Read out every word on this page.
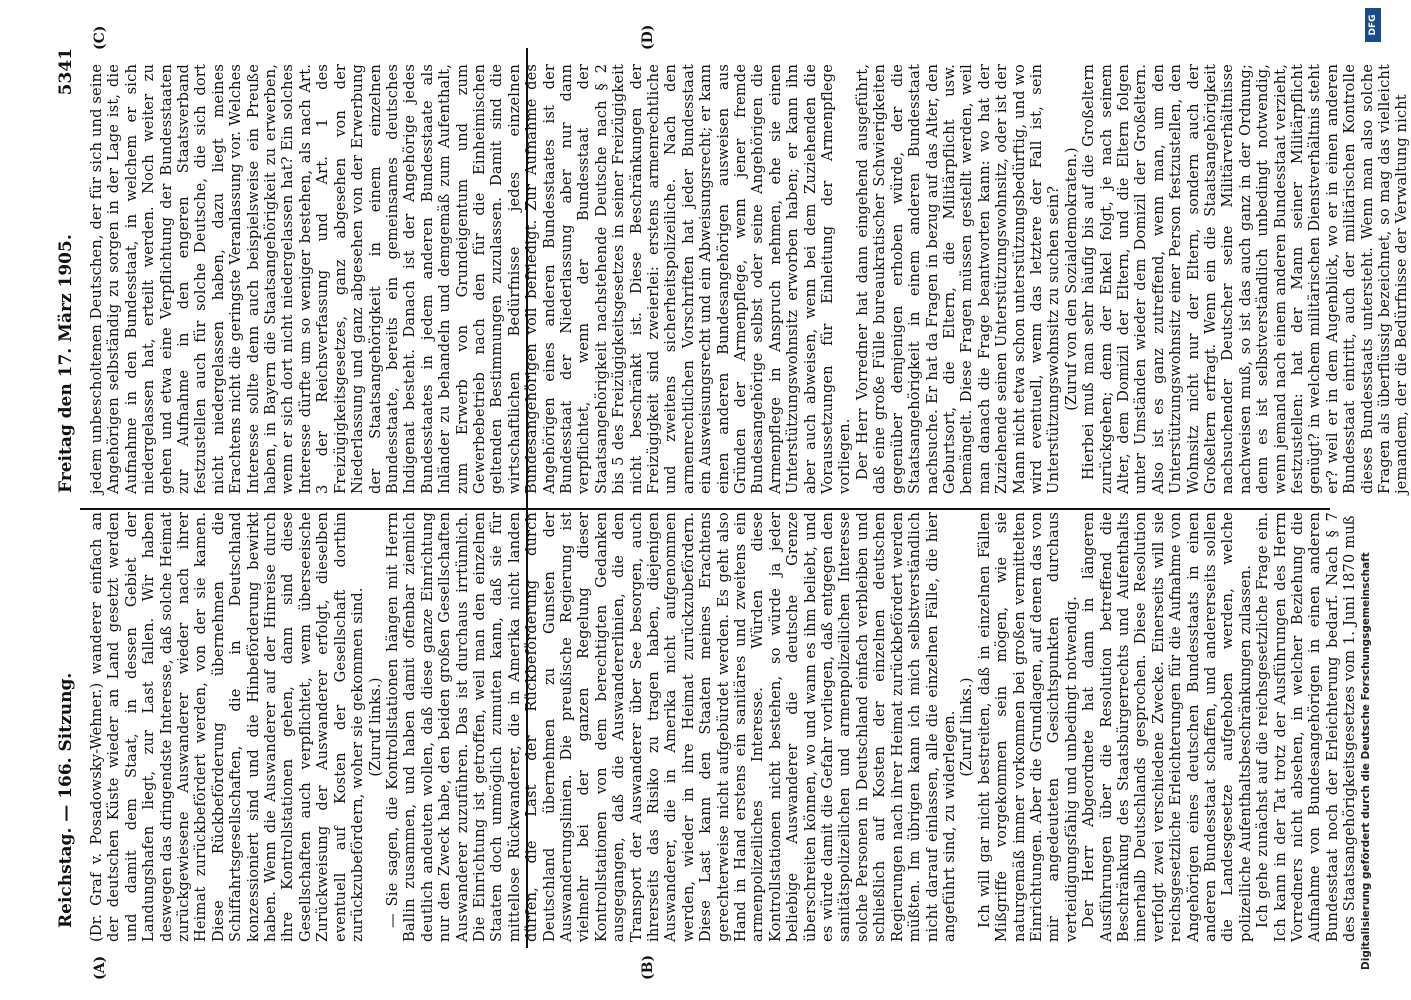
Reichstag. — 166. Sitzung.
Freitag den 17. März 1905.
5341
(A)	(B)
(C)	(D)

(Dr. Graf v. Posadowsky-Wehner.) wanderer einfach an der deutschen Küste wieder an Land gesetzt werden und damit dem Staat, in dessen Gebiet der Landungshafen liegt, zur Last fallen. Wir haben deswegen das dringendste Interesse, daß solche Heimat zurückgewiesene Auswanderer wieder nach ihrer Heimat zurückbefördert werden, von der sie kamen. Diese Rückbeförderung übernehmen die Schiffahrtsgesellschaften, die in Deutschland konzessioniert sind und die Hinbeförderung bewirkt haben. Wenn die Auswanderer auf der Hinreise durch ihre Kontrollstationen gehen, dann sind diese Gesellschaften auch verpflichtet, wenn überseeische Zurückweisung der Auswanderer erfolgt, dieselben eventuell auf Kosten der Gesellschaft dorthin zurückzubefördern, woher sie gekommen sind. (Zuruf links.) — Sie sagen, die Kontrollstationen hängen mit Herrn Ballin zusammen, und haben damit offenbar ziemlich deutlich andeuten wollen, daß diese ganze Einrichtung nur den Zweck habe, den beiden großen Gesellschaften Auswanderer zuzuführen. Das ist durchaus irrtümlich. Die Einrichtung ist getroffen, weil man den einzelnen Staaten doch unmöglich zumuten kann, daß sie für mittellose Rückwanderer, die in Amerika nicht landen dürfen, die Last der Rückbeförderung durch Deutschland übernehmen zu Gunsten der Auswanderungslinien. Die preußische Regierung ist vielmehr bei der ganzen Regelung dieser Kontrollstationen von dem berechtigten Gedanken ausgegangen, daß die Auswandererlinien, die den Transport der Auswanderer über See besorgen, auch ihrerseits das Risiko zu tragen haben, diejenigen Auswanderer, die in Amerika nicht aufgenommen werden, wieder in ihre Heimat zurückzubefördern. Diese Last kann den Staaten meines Erachtens gerechterweise nicht aufgebürdet werden. Es geht also Hand in Hand erstens ein sanitäres und zweitens ein armenpolizeiliches Interesse. Würden diese Kontrollstationen nicht bestehen, so würde ja jeder beliebige Auswanderer die deutsche Grenze überschreiten können, wo und wann es ihm beliebt, und es würde damit die Gefahr vorliegen, daß entgegen den sanitätspolizeilichen und armenpolizeilichen Interesse solche Personen in Deutschland einfach verbleiben und schließlich auf Kosten der einzelnen deutschen Regierungen nach ihrer Heimat zurückbefördert werden müßten. Im übrigen kann ich mich selbstverständlich nicht darauf einlassen, alle die einzelnen Fälle, die hier angeführt sind, zu widerlegen. (Zuruf links.) Ich will gar nicht bestreiten, daß in einzelnen Fällen Mißgriffe vorgekommen sein mögen, wie sie naturgemäß immer vorkommen bei großen vermittelten Einrichtungen. Aber die Grundlagen, auf denen das von mir angedeuteten Gesichtspunkten durchaus verteidigungsfähig und unbedingt notwendig. Der Herr Abgeordnete hat dann in längeren Ausführungen über die Resolution betreffend die Beschränkung des Staatsbürgerrechts und Aufenthalts innerhalb Deutschlands gesprochen. Diese Resolution verfolgt zwei verschiedene Zwecke. Einerseits will sie reichsgesetzliche Erleichterungen für die Aufnahme von Angehörigen eines deutschen Bundesstaats in einen anderen Bundesstaat schaffen, und andererseits sollen die Landesgesetze aufgehoben werden, welche polizeiliche Aufenthaltsbeschränkungen zulassen. Ich gehe zunächst auf die reichsgesetzliche Frage ein. Ich kann in der Tat trotz der Ausführungen des Herrn Vorredners nicht absehen, in welcher Beziehung die Aufnahme von Bundesangehörigen in einen anderen Bundesstaat noch der Erleichterung bedarf. Nach § 7 des Staatsangehörigkeitsgesetzes vom 1. Juni 1870 muß

jedem unbescholtenen Deutschen, der für sich und seine Angehörigen selbständig zu sorgen in der Lage ist, die Aufnahme in den Bundesstaat, in welchem er sich niedergelassen hat, erteilt werden. Noch weiter zu gehen und etwa eine Verpflichtung der Bundesstaaten zur Aufnahme in den engeren Staatsverband festzustellen auch für solche Deutsche, die sich dort nicht niedergelassen haben, dazu liegt meines Erachtens nicht die geringste Veranlassung vor. Welches Interesse sollte denn auch beispielsweise ein Preuße haben, in Bayern die Staatsangehörigkeit zu erwerben, wenn er sich dort nicht niedergelassen hat? Ein solches Interesse dürfte um so weniger bestehen, als nach Art. 3 der Reichsverfassung und Art. 1 des Freizügigkeitsgesetzes, ganz abgesehen von der Niederlassung und ganz abgesehen von der Erwerbung der Staatsangehörigkeit in einem einzelnen Bundesstaate, bereits ein gemeinsames deutsches Indigenat besteht. Danach ist der Angehörige jedes Bundesstaates in jedem anderen Bundesstaate als Inländer zu behandeln und demgemäß zum Aufenthalt, zum Erwerb von Grundeigentum und zum Gewerbebetrieb nach den für die Einheimischen geltenden Bestimmungen zuzulassen. Damit sind die wirtschaftlichen Bedürfnisse jedes einzelnen Bundesangehörigen voll befriedigt. Zur Aufnahme des Angehörigen eines anderen Bundesstaates ist der Bundesstaat der Niederlassung aber nur dann verpflichtet, wenn der Bundesstaat der Staatsangehörigkeit nachstehende Deutsche nach § 2 bis 5 des Freizügigkeitsgesetzes in seiner Freizügigkeit nicht beschränkt ist. Diese Beschränkungen der Freizügigkeit sind zweierlei: erstens armenrechtliche und zweitens sicherheitspolizeiliche. Nach den armenrechtlichen Vorschriften hat jeder Bundesstaat ein Ausweisungsrecht und ein Abweisungsrecht; er kann einen anderen Bundesangehörigen ausweisen aus Gründen der Armenpflege, wenn jener fremde Bundesangehörige selbst oder seine Angehörigen die Armenpflege in Anspruch nehmen, ehe sie einen Unterstützungswohnsitz erworben haben; er kann ihn aber auch abweisen, wenn bei dem Zuziehenden die Voraussetzungen für Einleitung der Armenpflege vorliegen. Der Herr Vorredner hat dann eingehend ausgeführt, daß eine große Fülle bureaukratischer Schwierigkeiten gegenüber demjenigen erhoben würde, der die Staatsangehörigkeit in einem anderen Bundesstaat nachsuche. Er hat da Fragen in bezug auf das Alter, den Geburtsort, die Eltern, die Militärpflicht usw. bemängelt. Diese Fragen müssen gestellt werden, weil man danach die Frage beantworten kann: wo hat der Zuziehende seinen Unterstützungswohnsitz, oder ist der Mann nicht etwa schon unterstützungsbedürftig, und wo wird eventuell, wenn das letztere der Fall ist, sein Unterstützungswohnsitz zu suchen sein? (Zuruf von den Sozialdemokraten.) Hierbei muß man sehr häufig bis auf die Großeltern zurückgehen; denn der Enkel folgt, je nach seinem Alter, dem Domizil der Eltern, und die Eltern folgen unter Umständen wieder dem Domizil der Großeltern. Also ist es ganz zutreffend, wenn man, um den Unterstützungswohnsitz einer Person festzustellen, den Wohnsitz nicht nur der Eltern, sondern auch der Großeltern erfragt. Wenn ein die Staatsangehörigkeit nachsuchender Deutscher seine Militärverhältnisse nachweisen muß, so ist das auch ganz in der Ordnung; denn es ist selbstverständlich unbedingt notwendig, wenn jemand nach einem anderen Bundesstaat verzieht, festzustellen: hat der Mann seiner Militärpflicht genügt? in welchem militärischen Dienstverhältnis steht er? weil er in dem Augenblick, wo er in einen anderen Bundesstaat eintritt, auch der militärischen Kontrolle dieses Bundesstaats untersteht. Wenn man also solche Fragen als überflüssig bezeichnet, so mag das vielleicht jemandem, der die Bedürfnisse der Verwaltung nicht

DFG
Digitalisierung gefördert durch die Deutsche Forschungsgemeinschaft
